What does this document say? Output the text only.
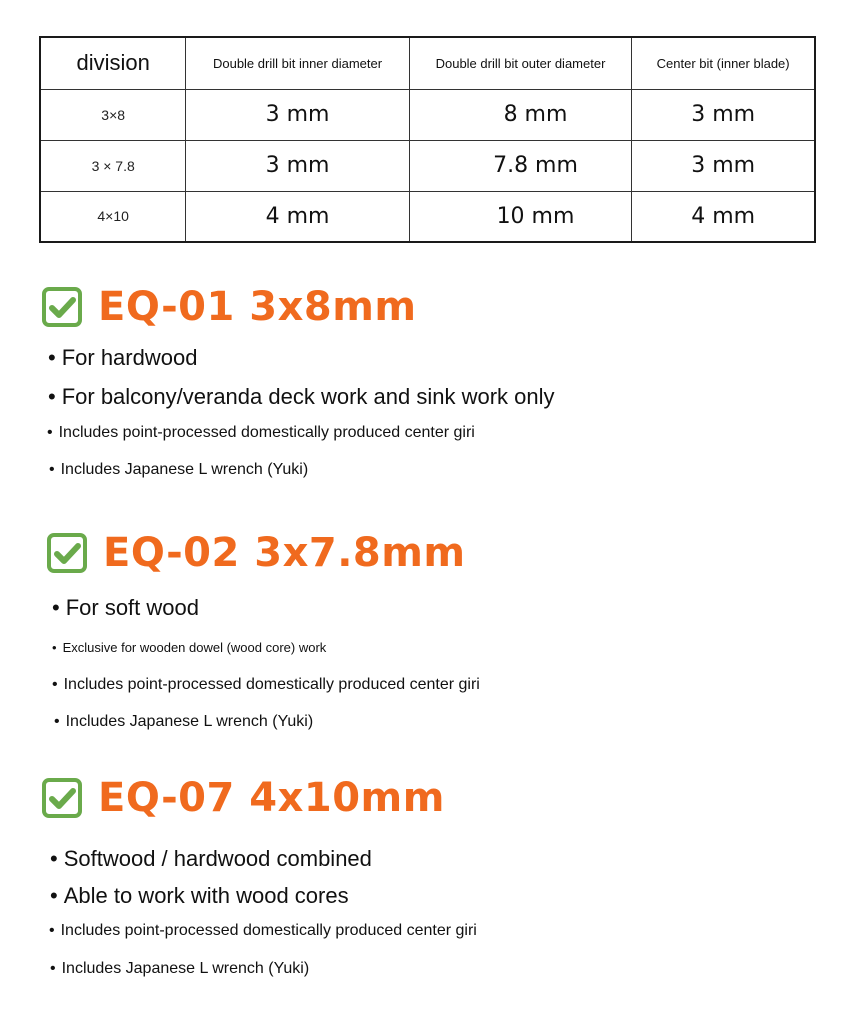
division	Double drill bit inner diameter	Double drill bit outer diameter	Center bit (inner blade)
3×8	3 mm	8 mm	3 mm
3 × 7.8	3 mm	7.8 mm	3 mm
4×10	4 mm	10 mm	4 mm
EQ-01 3x8mm
• For hardwood
• For balcony/veranda deck work and sink work only
• Includes point-processed domestically produced center giri
• Includes Japanese L wrench (Yuki)
EQ-02 3x7.8mm
• For soft wood
• Exclusive for wooden dowel (wood core) work
• Includes point-processed domestically produced center giri
• Includes Japanese L wrench (Yuki)
EQ-07 4x10mm
• Softwood / hardwood combined
• Able to work with wood cores
• Includes point-processed domestically produced center giri
• Includes Japanese L wrench (Yuki)
